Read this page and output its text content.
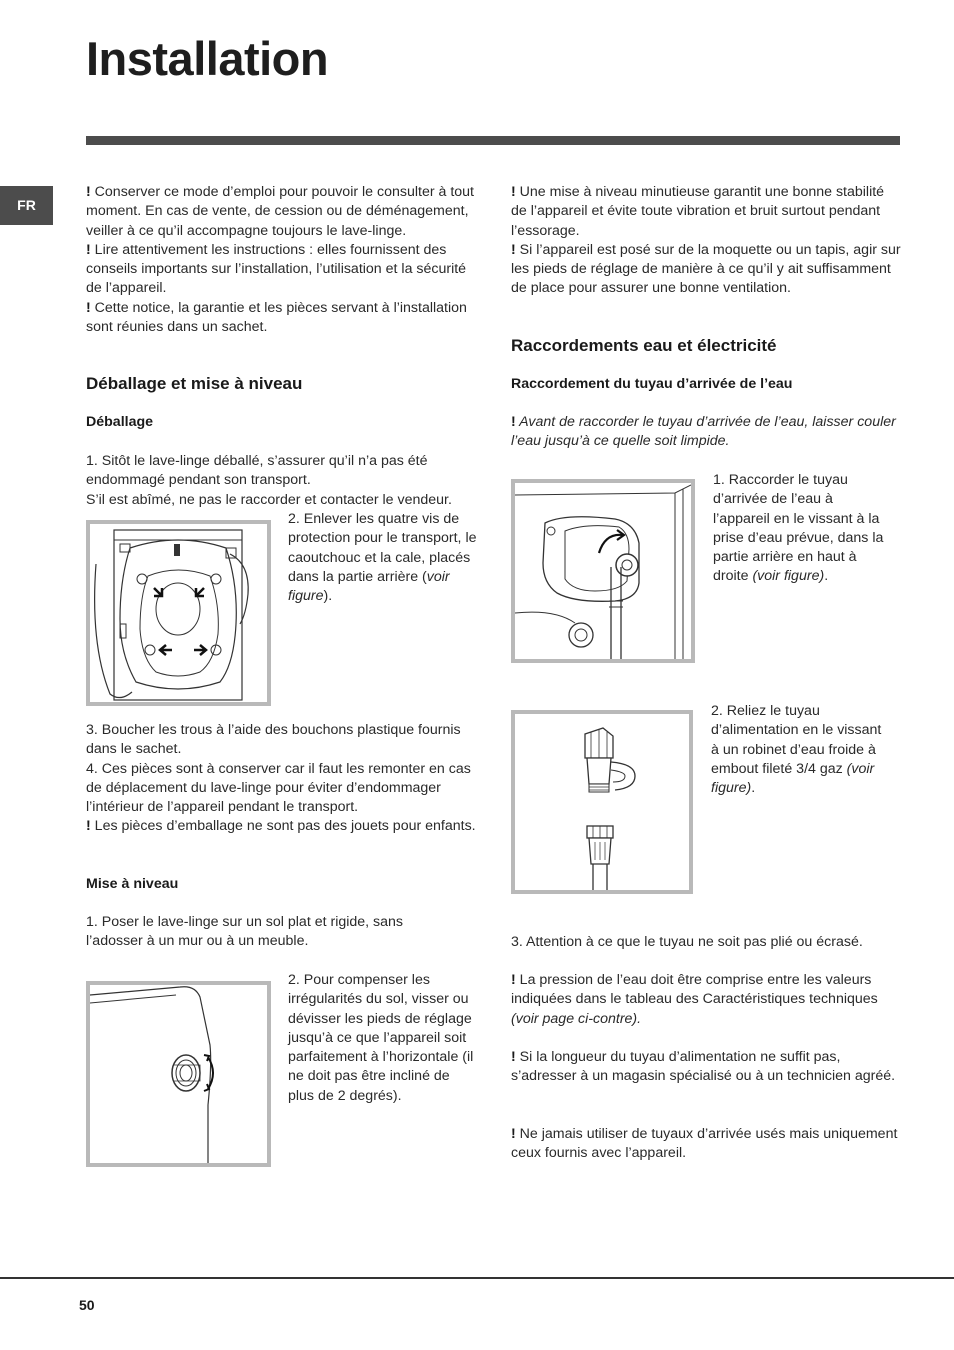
Installation
FR

! Conserver ce mode d’emploi pour pouvoir le consulter à tout moment. En cas de vente, de cession ou de déménagement, veiller à ce qu’il accompagne toujours le lave-linge.

! Lire attentivement les instructions : elles fournissent des conseils importants sur l’installation, l’utilisation et la sécurité de l’appareil.

! Cette notice, la garantie et les pièces servant à l’installation sont réunies dans un sachet.

Déballage et mise à niveau
Déballage

1. Sitôt le lave-linge déballé, s’assurer qu’il n’a pas été endommagé pendant son transport.

S’il est abîmé, ne pas le raccorder et contacter le vendeur.

2. Enlever les quatre vis de protection pour le transport, le caoutchouc et la cale, placés dans la partie arrière (voir figure).

3. Boucher les trous à l’aide des bouchons plastique fournis dans le sachet.

4. Ces pièces sont à conserver car il faut les remonter en cas de déplacement du lave-linge pour éviter d’endommager l’intérieur de l’appareil pendant le transport.

! Les pièces d’emballage ne sont pas des jouets pour enfants.

Mise à niveau

1. Poser le lave-linge sur un sol plat et rigide, sans l’adosser à un mur ou à un meuble.

2. Pour compenser les irrégularités du sol, visser ou dévisser les pieds de réglage jusqu’à ce que l’appareil soit parfaitement à l’horizontale (il ne doit pas être incliné de plus de 2 degrés).

! Une mise à niveau minutieuse garantit une bonne stabilité de l’appareil et évite toute vibration et bruit surtout pendant l’essorage.

! Si l’appareil est posé sur de la moquette ou un tapis, agir sur les pieds de réglage de manière à ce qu’il y ait suffisamment de place pour assurer une bonne ventilation.

Raccordements eau et électricité
Raccordement du tuyau d’arrivée de l’eau

! Avant de raccorder le tuyau d’arrivée de l’eau, laisser couler l’eau jusqu’à ce quelle soit limpide.

1. Raccorder le tuyau d’arrivée de l’eau à l’appareil en le vissant à la prise d’eau prévue, dans la partie arrière en haut à droite (voir figure).

2. Reliez le tuyau d’alimentation en le vissant à un robinet d’eau froide à embout fileté 3/4 gaz (voir figure).

3. Attention à ce que le tuyau ne soit pas plié ou écrasé.

! La pression de l’eau doit être comprise entre les valeurs indiquées dans le tableau des Caractéristiques techniques (voir page ci-contre).

! Si la longueur du tuyau d’alimentation ne suffit pas, s’adresser à un magasin spécialisé ou à un technicien agréé.

! Ne jamais utiliser de tuyaux d’arrivée usés mais uniquement ceux fournis avec l’appareil.

50
